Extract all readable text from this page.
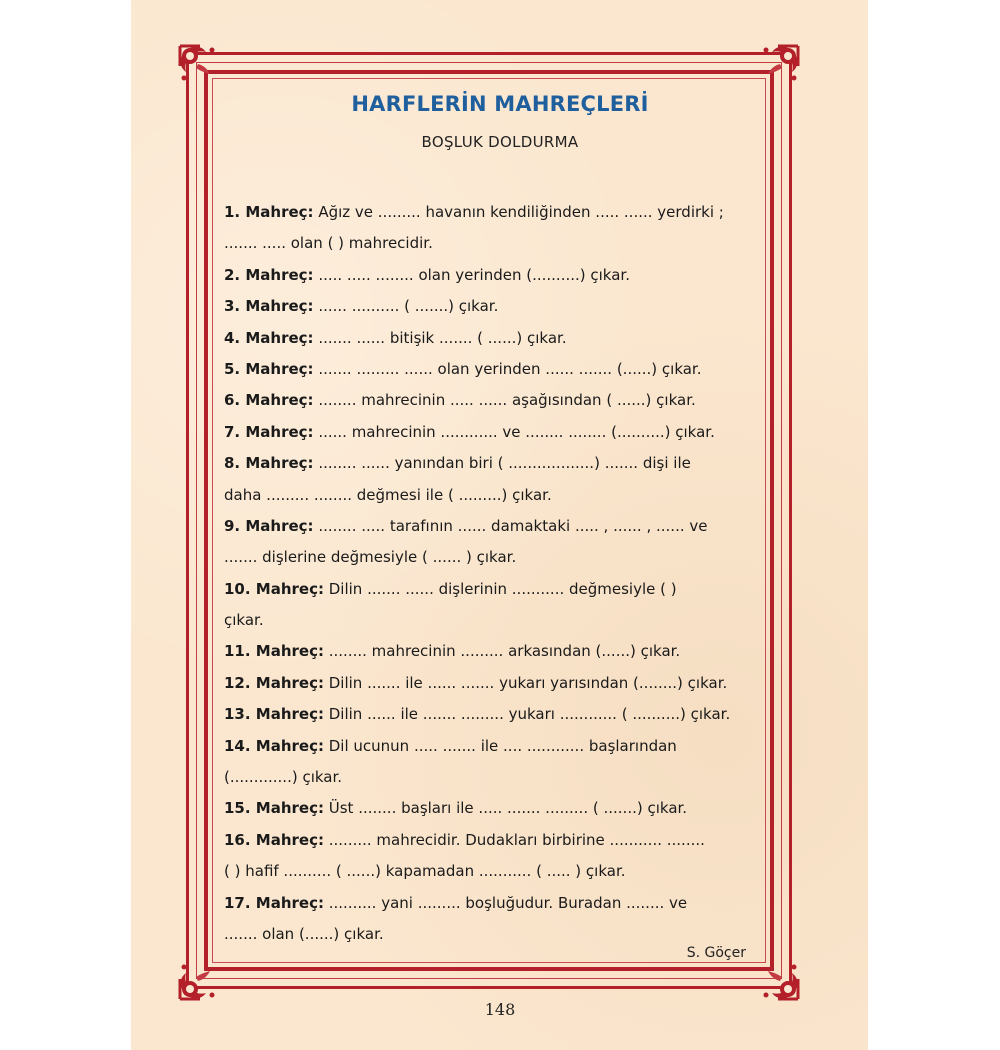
HARFLERİN MAHREÇLERİ
BOŞLUK DOLDURMA
1. Mahreç: Ağız ve ......... havanın kendiliğinden ..... ...... yerdirki ;
....... ..... olan ( ) mahrecidir.
2. Mahreç: ..... ..... ........ olan yerinden (..........) çıkar.
3. Mahreç: ...... .......... ( .......) çıkar.
4. Mahreç: ....... ...... bitişik ....... ( ......) çıkar.
5. Mahreç: ....... ......... ...... olan yerinden ...... ....... (......) çıkar.
6. Mahreç: ........ mahrecinin ..... ...... aşağısından ( ......) çıkar.
7. Mahreç: ...... mahrecinin ............ ve ........ ........ (..........) çıkar.
8. Mahreç: ........ ...... yanından biri ( ..................) ....... dişi ile
daha ......... ........ değmesi ile ( .........) çıkar.
9. Mahreç: ........ ..... tarafının ...... damaktaki ..... , ...... , ...... ve
....... dişlerine değmesiyle ( ...... ) çıkar.
10. Mahreç: Dilin ....... ...... dişlerinin ........... değmesiyle ( )
çıkar.
11. Mahreç: ........ mahrecinin ......... arkasından (......) çıkar.
12. Mahreç: Dilin ....... ile ...... ....... yukarı yarısından (........) çıkar.
13. Mahreç: Dilin ...... ile ....... ......... yukarı ............ ( ..........) çıkar.
14. Mahreç: Dil ucunun ..... ....... ile .... ............ başlarından
(.............) çıkar.
15. Mahreç: Üst ........ başları ile ..... ....... ......... ( .......) çıkar.
16. Mahreç: ......... mahrecidir. Dudakları birbirine ........... ........
( ) hafif .......... ( ......) kapamadan ........... ( ..... ) çıkar.
17. Mahreç: .......... yani ......... boşluğudur. Buradan ........ ve
....... olan (......) çıkar.
S. Göçer
148
